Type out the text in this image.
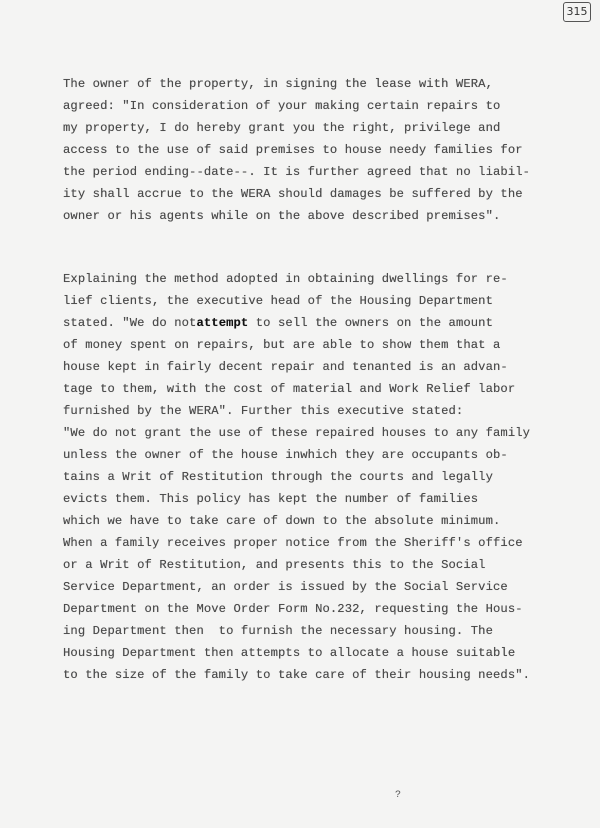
315
The owner of the property, in signing the lease with WERA,
agreed: "In consideration of your making certain repairs to
my property, I do hereby grant you the right, privilege and
access to the use of said premises to house needy families for
the period ending--date--. It is further agreed that no liabil-
ity shall accrue to the WERA should damages be suffered by the
owner or his agents while on the above described premises".
Explaining the method adopted in obtaining dwellings for re-
lief clients, the executive head of the Housing Department
stated. "We do notattempt to sell the owners on the amount
of money spent on repairs, but are able to show them that a
house kept in fairly decent repair and tenanted is an advan-
tage to them, with the cost of material and Work Relief labor
furnished by the WERA". Further this executive stated:
"We do not grant the use of these repaired houses to any family
unless the owner of the house inwhich they are occupants ob-
tains a Writ of Restitution through the courts and legally
evicts them. This policy has kept the number of families
which we have to take care of down to the absolute minimum.
When a family receives proper notice from the Sheriff's office
or a Writ of Restitution, and presents this to the Social
Service Department, an order is issued by the Social Service
Department on the Move Order Form No.232, requesting the Hous-
ing Department then  to furnish the necessary housing. The
Housing Department then attempts to allocate a house suitable
to the size of the family to take care of their housing needs".
?
